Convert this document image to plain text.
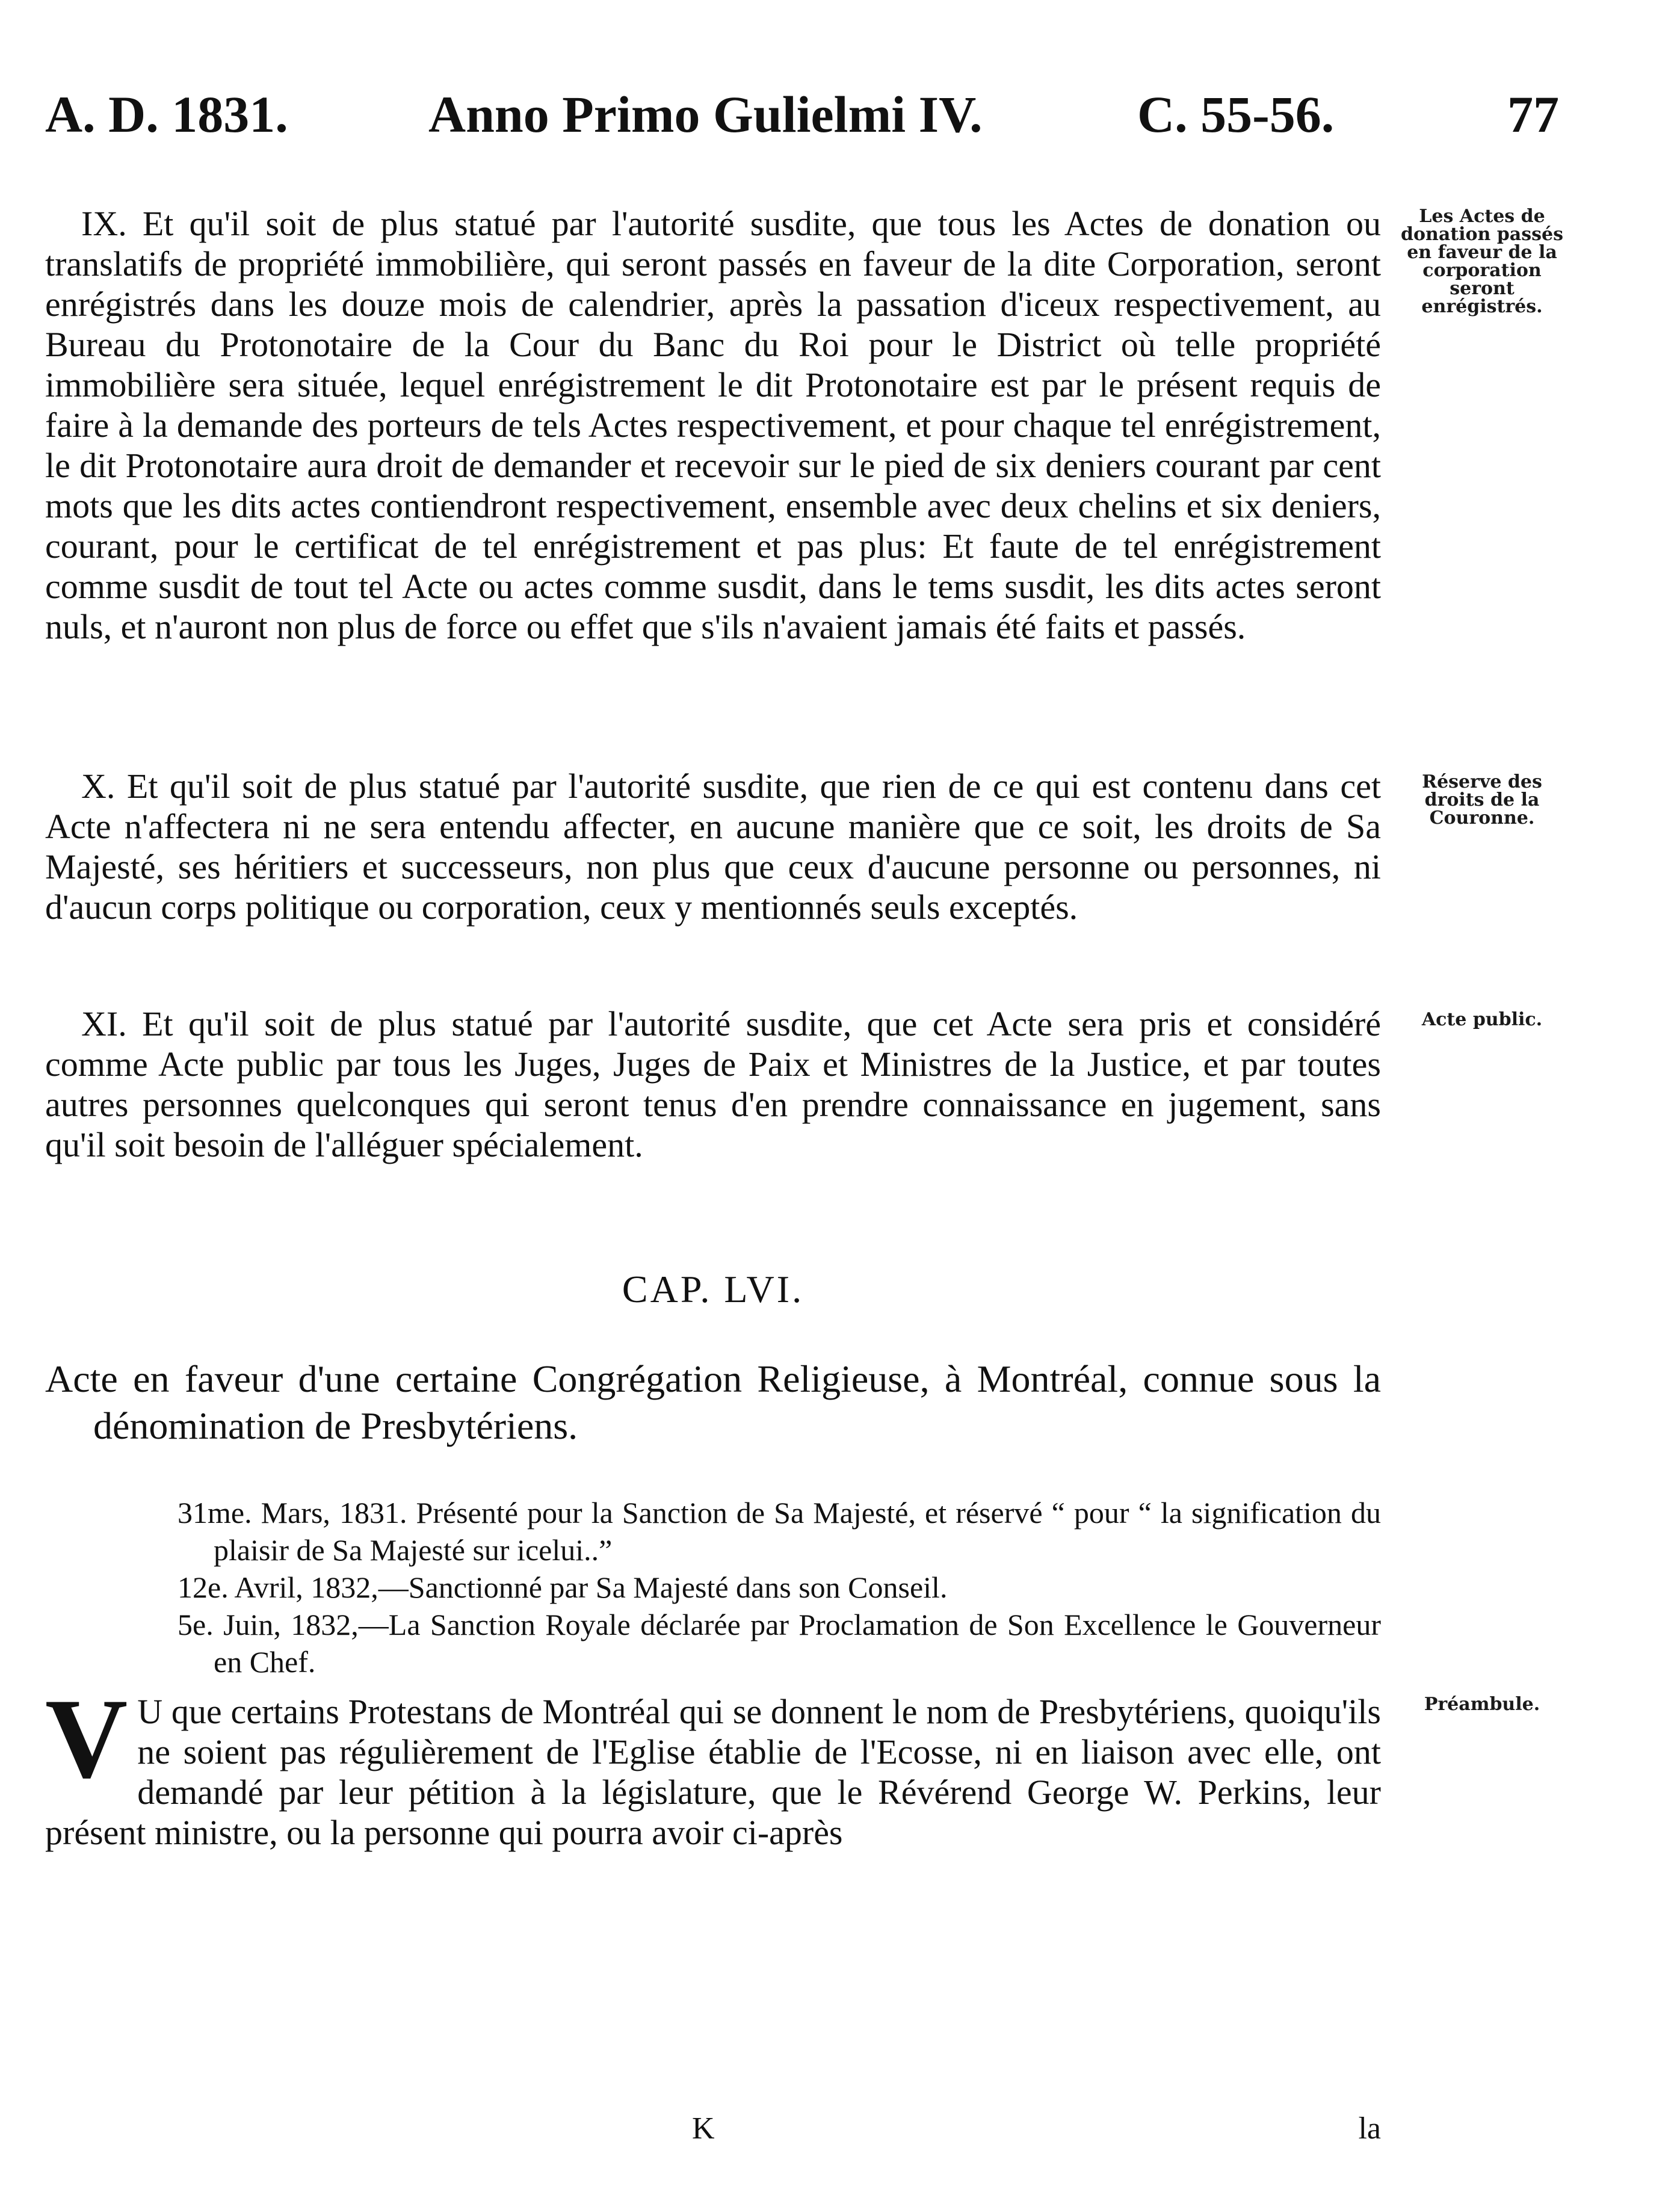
A. D. 1831.	Anno Primo Gulielmi IV.	C. 55-56.	77

IX. Et qu'il soit de plus statué par l'autorité susdite, que tous les Actes de donation ou translatifs de propriété immobilière, qui seront passés en faveur de la dite Corporation, seront enrégistrés dans les douze mois de calendrier, après la passation d'iceux respectivement, au Bureau du Protonotaire de la Cour du Banc du Roi pour le District où telle propriété immobilière sera située, lequel enrégistrement le dit Protonotaire est par le présent requis de faire à la demande des porteurs de tels Actes respectivement, et pour chaque tel enrégistrement, le dit Protonotaire aura droit de demander et recevoir sur le pied de six deniers courant par cent mots que les dits actes contiendront respectivement, ensemble avec deux chelins et six deniers, courant, pour le certificat de tel enrégistrement et pas plus: Et faute de tel enrégistrement comme susdit de tout tel Acte ou actes comme susdit, dans le tems susdit, les dits actes seront nuls, et n'auront non plus de force ou effet que s'ils n'avaient jamais été faits et passés.

X. Et qu'il soit de plus statué par l'autorité susdite, que rien de ce qui est contenu dans cet Acte n'affectera ni ne sera entendu affecter, en aucune manière que ce soit, les droits de Sa Majesté, ses héritiers et successeurs, non plus que ceux d'aucune personne ou personnes, ni d'aucun corps politique ou corporation, ceux y mentionnés seuls exceptés.

XI. Et qu'il soit de plus statué par l'autorité susdite, que cet Acte sera pris et considéré comme Acte public par tous les Juges, Juges de Paix et Ministres de la Justice, et par toutes autres personnes quelconques qui seront tenus d'en prendre connaissance en jugement, sans qu'il soit besoin de l'alléguer spécialement.

CAP. LVI.
Acte en faveur d'une certaine Congrégation Religieuse, à Montréal, connue sous la dénomination de Presbytériens.

31me. Mars, 1831. Présenté pour la Sanction de Sa Majesté, et réservé “ pour “ la signification du plaisir de Sa Majesté sur icelui..”

12e. Avril, 1832,—Sanctionné par Sa Majesté dans son Conseil.

5e. Juin, 1832,—La Sanction Royale déclarée par Proclamation de Son Excellence le Gouverneur en Chef.

V U que certains Protestans de Montréal qui se donnent le nom de Presbytériens, quoiqu'ils ne soient pas régulièrement de l'Eglise établie de l'Ecosse, ni en liaison avec elle, ont demandé par leur pétition à la législature, que le Révérend George W. Perkins, leur présent ministre, ou la personne qui pourra avoir ci-après
K	la
Les Actes de donation passés en faveur de la corporation seront enrégistrés.
Réserve des droits de la Couronne.
Acte public.
Préambule.
